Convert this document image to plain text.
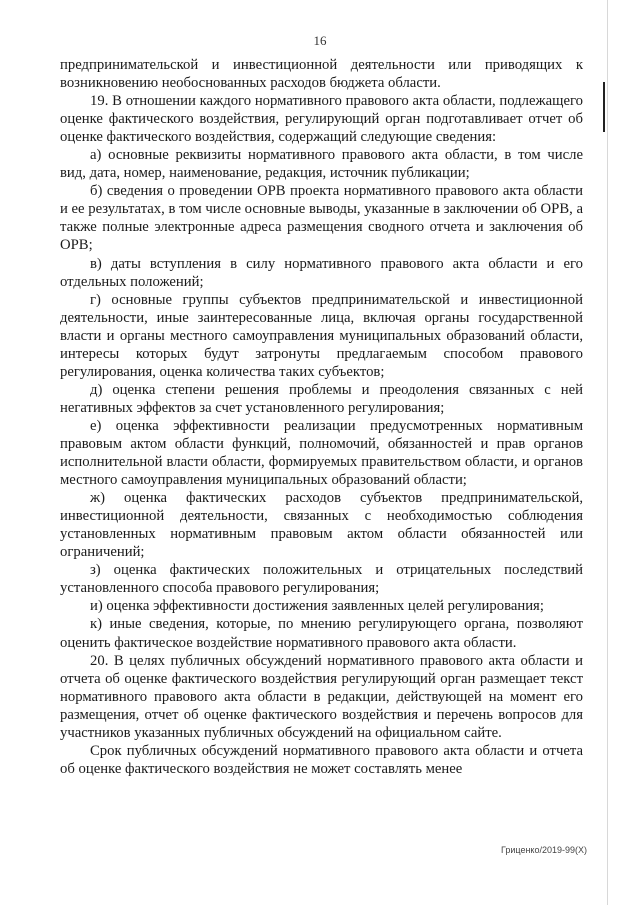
16

предпринимательской и инвестиционной деятельности или приводящих к возникновению необоснованных расходов бюджета области.

19. В отношении каждого нормативного правового акта области, подлежащего оценке фактического воздействия, регулирующий орган подготавливает отчет об оценке фактического воздействия, содержащий следующие сведения:

а) основные реквизиты нормативного правового акта области, в том числе вид, дата, номер, наименование, редакция, источник публикации;

б) сведения о проведении ОРВ проекта нормативного правового акта области и ее результатах, в том числе основные выводы, указанные в заключении об ОРВ, а также полные электронные адреса размещения сводного отчета и заключения об ОРВ;

в) даты вступления в силу нормативного правового акта области и его отдельных положений;

г) основные группы субъектов предпринимательской и инвестиционной деятельности, иные заинтересованные лица, включая органы государственной власти и органы местного самоуправления муниципальных образований области, интересы которых будут затронуты предлагаемым способом правового регулирования, оценка количества таких субъектов;

д) оценка степени решения проблемы и преодоления связанных с ней негативных эффектов за счет установленного регулирования;

е) оценка эффективности реализации предусмотренных нормативным правовым актом области функций, полномочий, обязанностей и прав органов исполнительной власти области, формируемых правительством области, и органов местного самоуправления муниципальных образований области;

ж) оценка фактических расходов субъектов предпринимательской, инвестиционной деятельности, связанных с необходимостью соблюдения установленных нормативным правовым актом области обязанностей или ограничений;

з) оценка фактических положительных и отрицательных последствий установленного способа правового регулирования;

и) оценка эффективности достижения заявленных целей регулирования;

к) иные сведения, которые, по мнению регулирующего органа, позволяют оценить фактическое воздействие нормативного правового акта области.

20. В целях публичных обсуждений нормативного правового акта области и отчета об оценке фактического воздействия регулирующий орган размещает текст нормативного правового акта области в редакции, действующей на момент его размещения, отчет об оценке фактического воздействия и перечень вопросов для участников указанных публичных обсуждений на официальном сайте.

Срок публичных обсуждений нормативного правового акта области и отчета об оценке фактического воздействия не может составлять менее

Гриценко/2019-99(Х)
